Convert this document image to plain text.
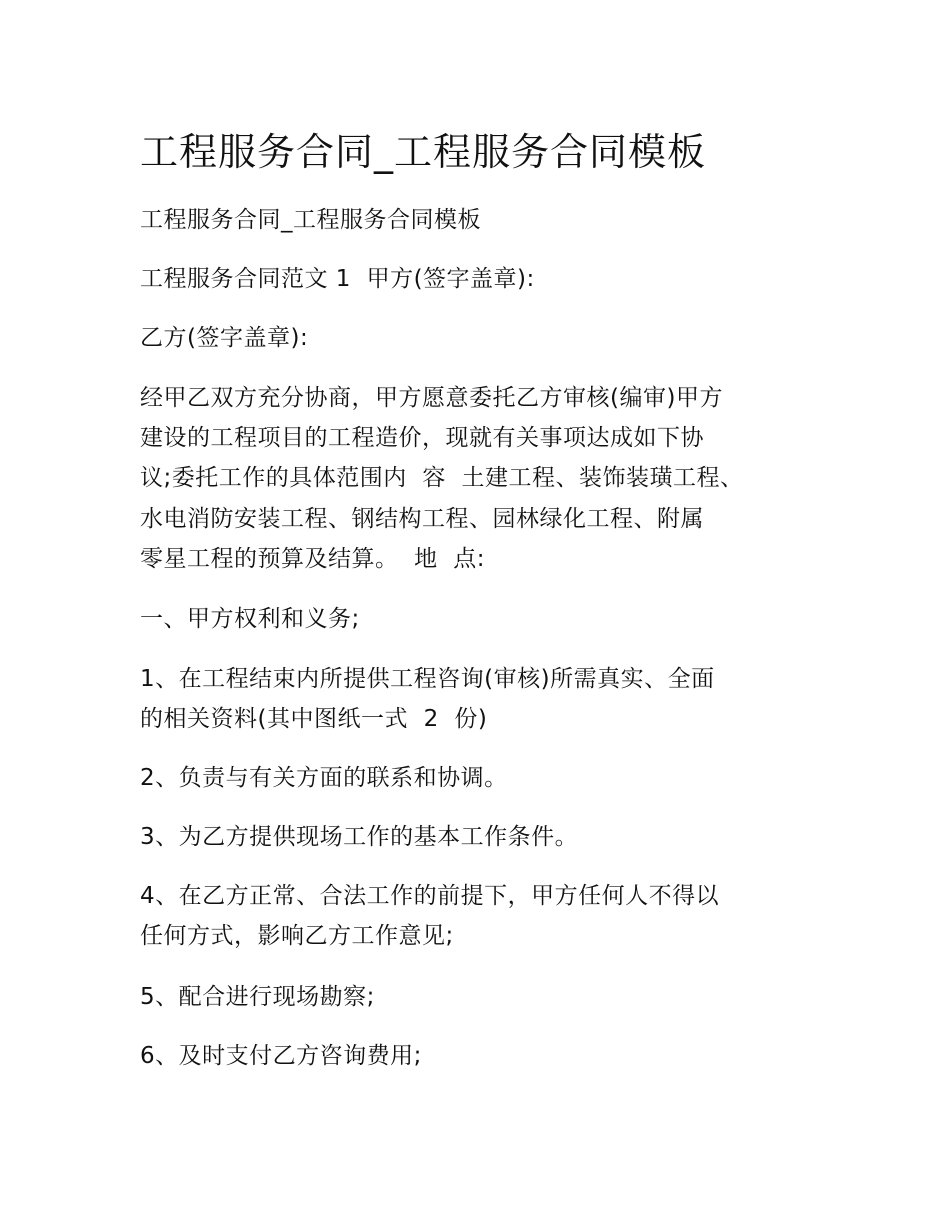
工程服务合同_工程服务合同模板

工程服务合同_工程服务合同模板

工程服务合同范文 1  甲方(签字盖章):

乙方(签字盖章):

经甲乙双方充分协商，甲方愿意委托乙方审核(编审)甲方

建设的工程项目的工程造价，现就有关事项达成如下协

议;委托工作的具体范围内  容  土建工程、装饰装璜工程、

水电消防安装工程、钢结构工程、园林绿化工程、附属

零星工程的预算及结算。  地  点:

一、甲方权利和义务;

1、在工程结束内所提供工程咨询(审核)所需真实、全面

的相关资料(其中图纸一式  2  份)

2、负责与有关方面的联系和协调。

3、为乙方提供现场工作的基本工作条件。

4、在乙方正常、合法工作的前提下，甲方任何人不得以

任何方式，影响乙方工作意见;

5、配合进行现场勘察;

6、及时支付乙方咨询费用;
